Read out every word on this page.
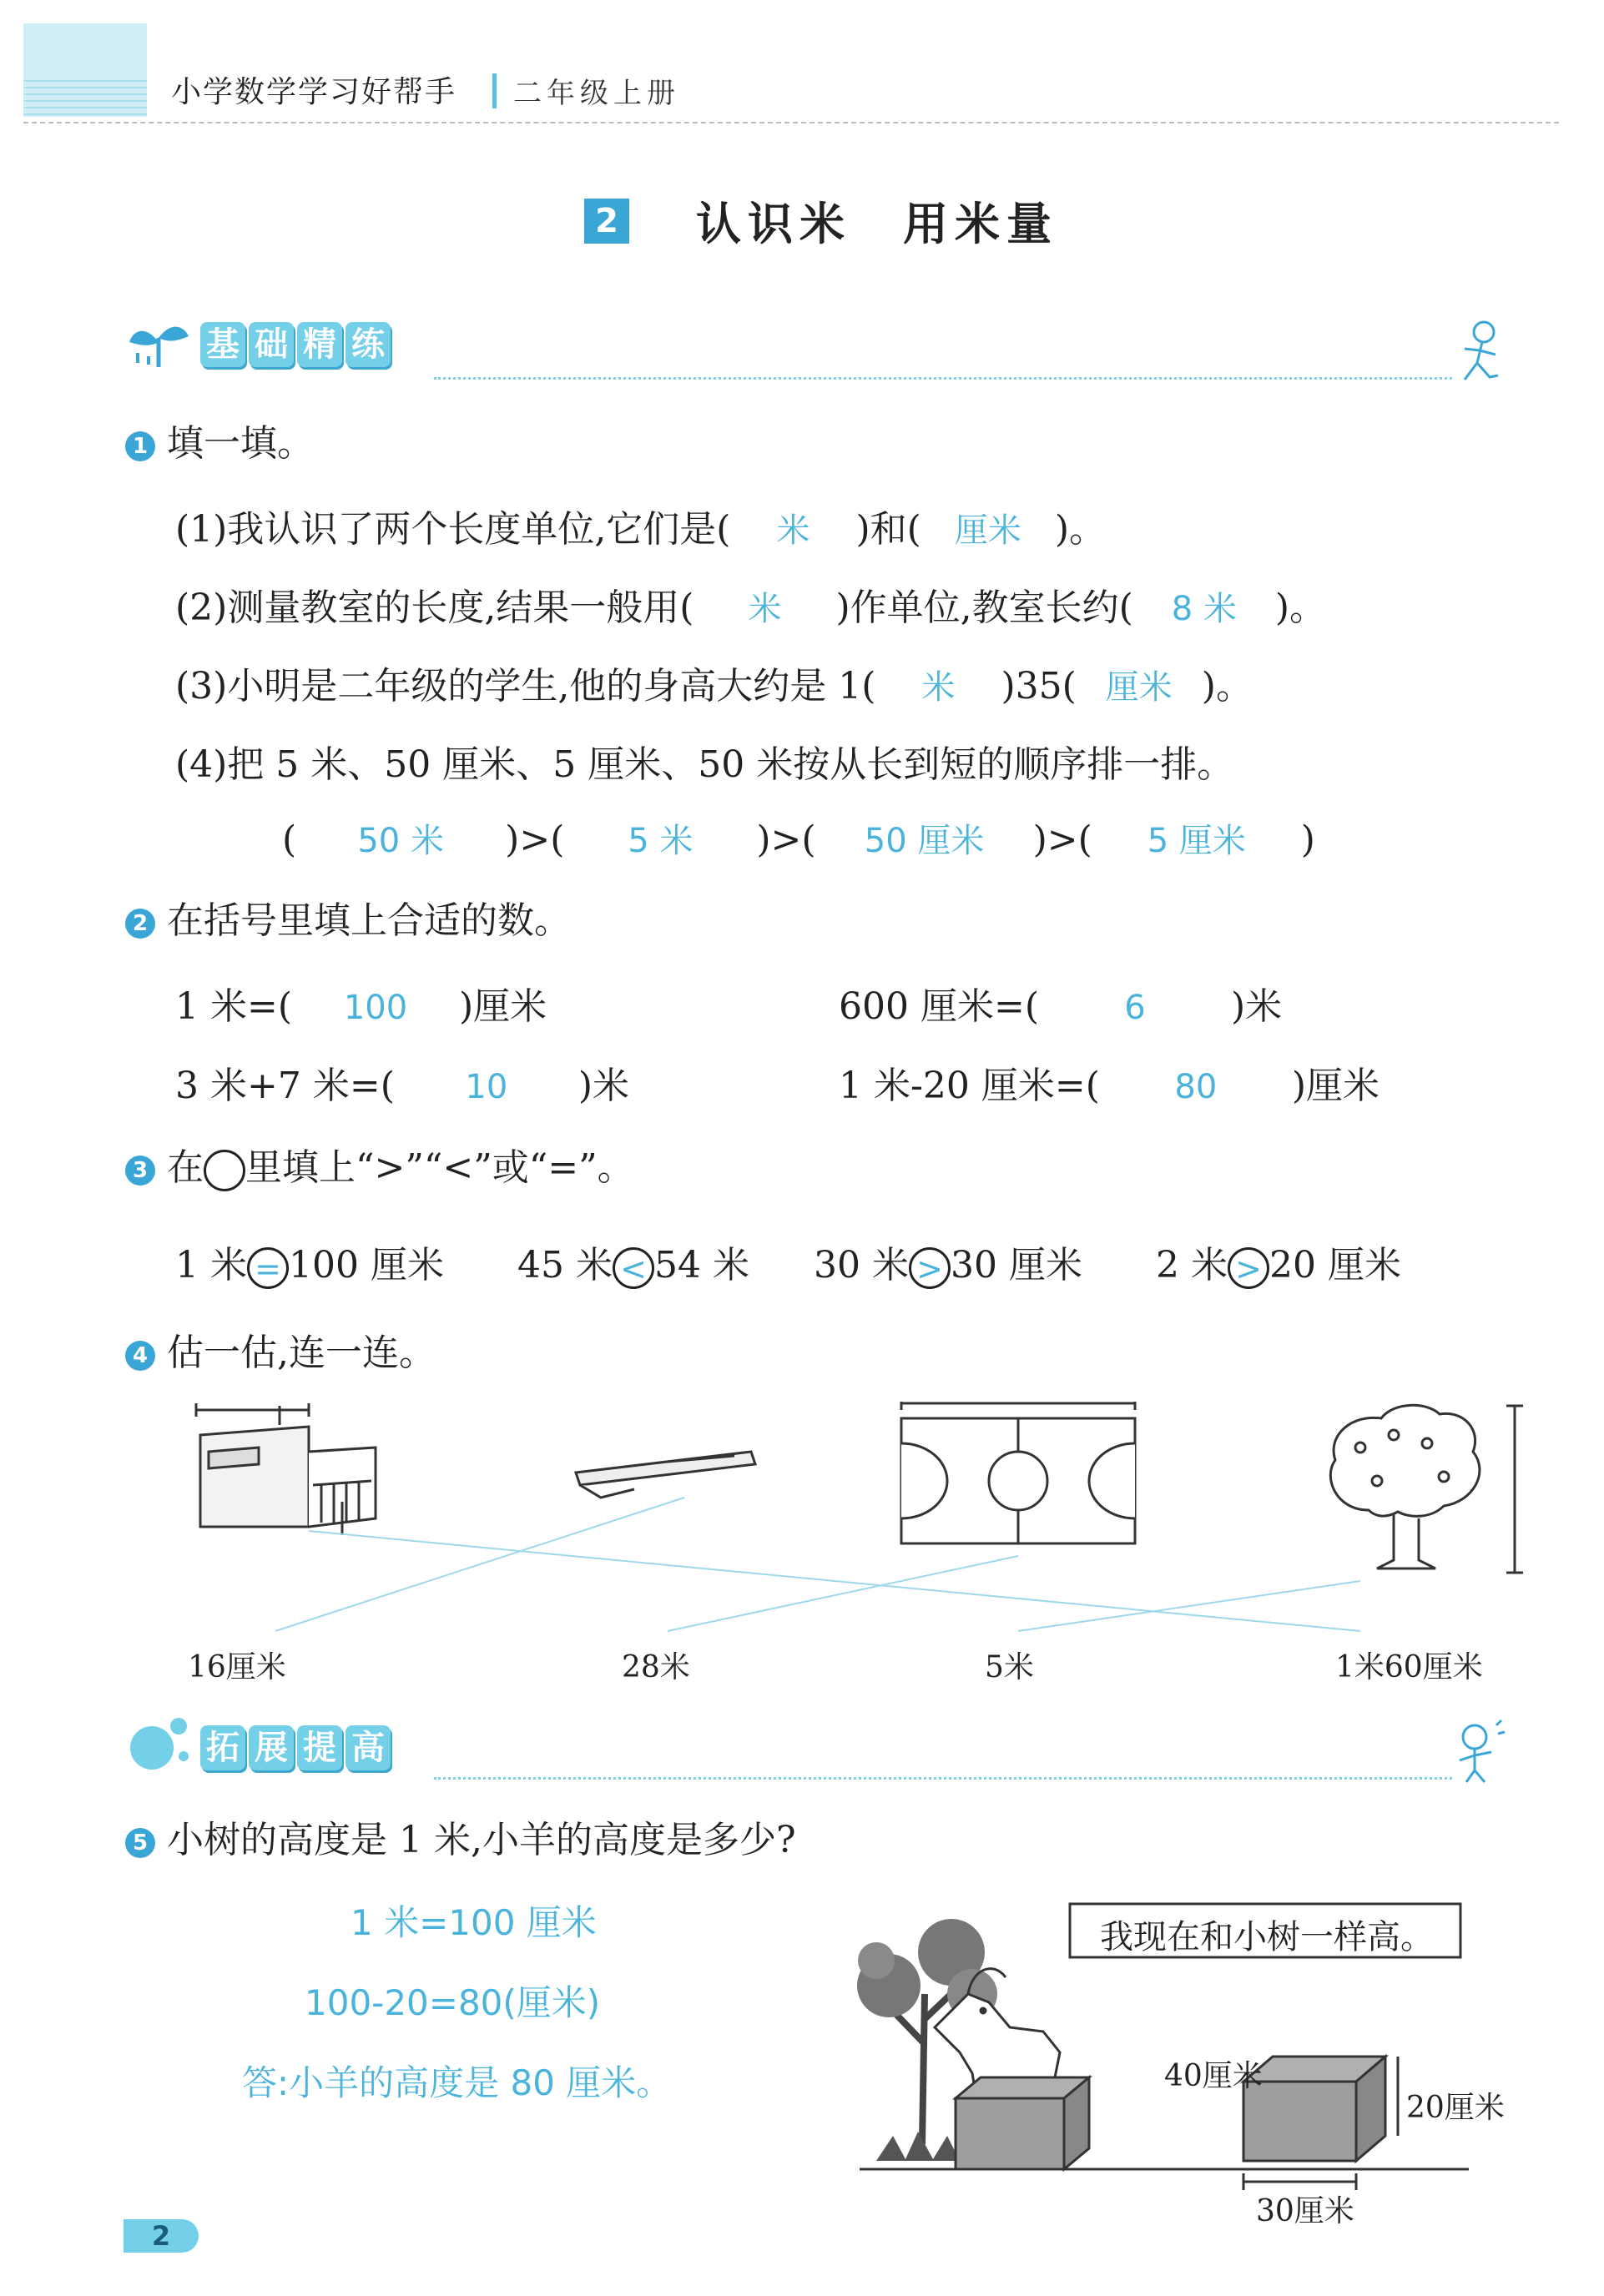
小学数学学习好帮手 二年级上册
2 认识米　用米量
基 础 精 练
1 填一填。
(1)我认识了两个长度单位,它们是( 米 )和( 厘米 )。
(2)测量教室的长度,结果一般用( 米 )作单位,教室长约( 8 米 )。
(3)小明是二年级的学生,他的身高大约是 1( 米 )35( 厘米 )。
(4)把 5 米、50 厘米、5 厘米、50 米按从长到短的顺序排一排。
( 50 米 )>( 5 米 )>( 50 厘米 )>( 5 厘米 )
2 在括号里填上合适的数。
1 米=( 100 )厘米	600 厘米=(	6 )米
3 米+7 米=( 10 )米	1 米-20 厘米=( 80 )厘米
3 在 里填上“>”“<”或“=”。
1 米 = 100 厘米 45 米 < 54 米 30 米 > 30 厘米 2 米 > 20 厘米
4 估一估,连一连。
16厘米	28米	5米	1米60厘米
拓 展 提 高
5 小树的高度是 1 米,小羊的高度是多少?
1 米=100 厘米
100-20=80(厘米)
答:小羊的高度是 80 厘米。
我现在和小树一样高。
40厘米
20厘米
30厘米
2
